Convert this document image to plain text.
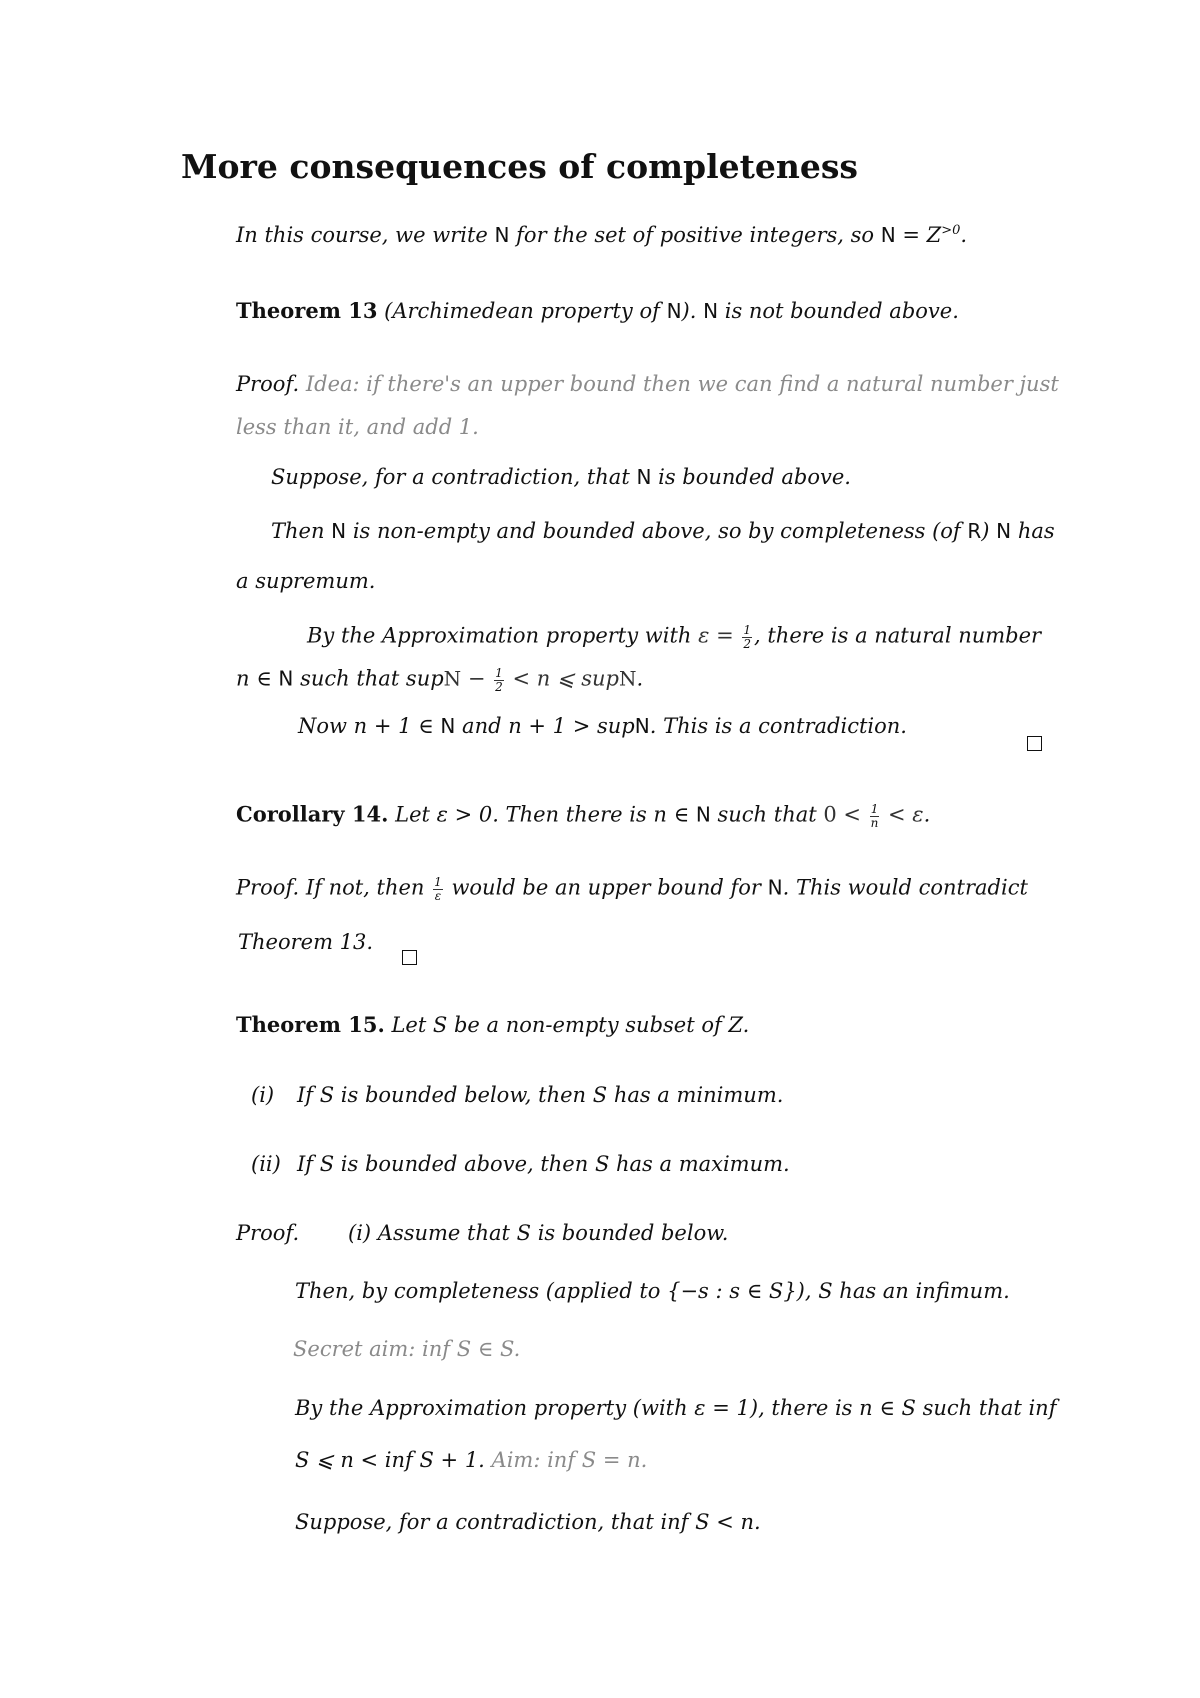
More consequences of completeness
In this course, we write N for the set of positive integers, so $N = Z^{>0}$.
Theorem 13 (Archimedean property of N). N is not bounded above.
Proof. Idea: if there's an upper bound then we can find a natural number just
less than it, and add 1.
Suppose, for a contradiction, that N is bounded above.
Then N is non-empty and bounded above, so by completeness (of R) N has
a supremum.
By the Approximation property with $\varepsilon = \frac{1}{2}$ , there is a natural number
n ∈ N such that supN − $\frac{1}{2} < n$ ⩽ supN.
Now n + 1 ∈ N and n + 1 > supN. This is a contradiction.
Corollary 14. Let ε > 0. Then there is n ∈ N such that $0 < \frac{1}{n} < \varepsilon$.
Proof. If not, then $\frac{1}{\varepsilon}$ would be an upper bound for N. This would contradict
Theorem 13.
Theorem 15. Let S be a non-empty subset of Z.
(i) If S is bounded below, then S has a minimum.
(ii) If S is bounded above, then S has a maximum.
Proof. (i) Assume that S is bounded below.
Then, by completeness (applied to {−s : s ∈ S}), S has an infimum.
Secret aim: inf S ∈ S.
By the Approximation property (with ε = 1), there is n ∈ S such that inf
S ⩽ n < inf S + 1. Aim: inf S = n.
Suppose, for a contradiction, that inf S < n.
